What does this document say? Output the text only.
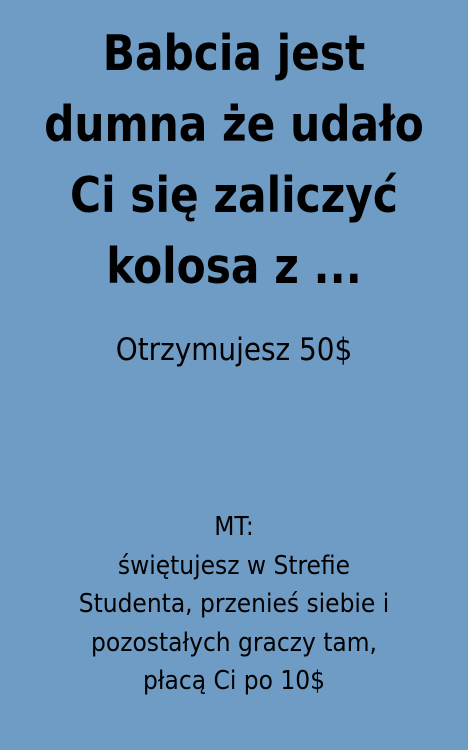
Babcia jest
dumna że udało
Ci się zaliczyć
kolosa z ...
Otrzymujesz 50$
MT:
świętujesz w Strefie
Studenta, przenieś siebie i
pozostałych graczy tam,
płacą Ci po 10$
